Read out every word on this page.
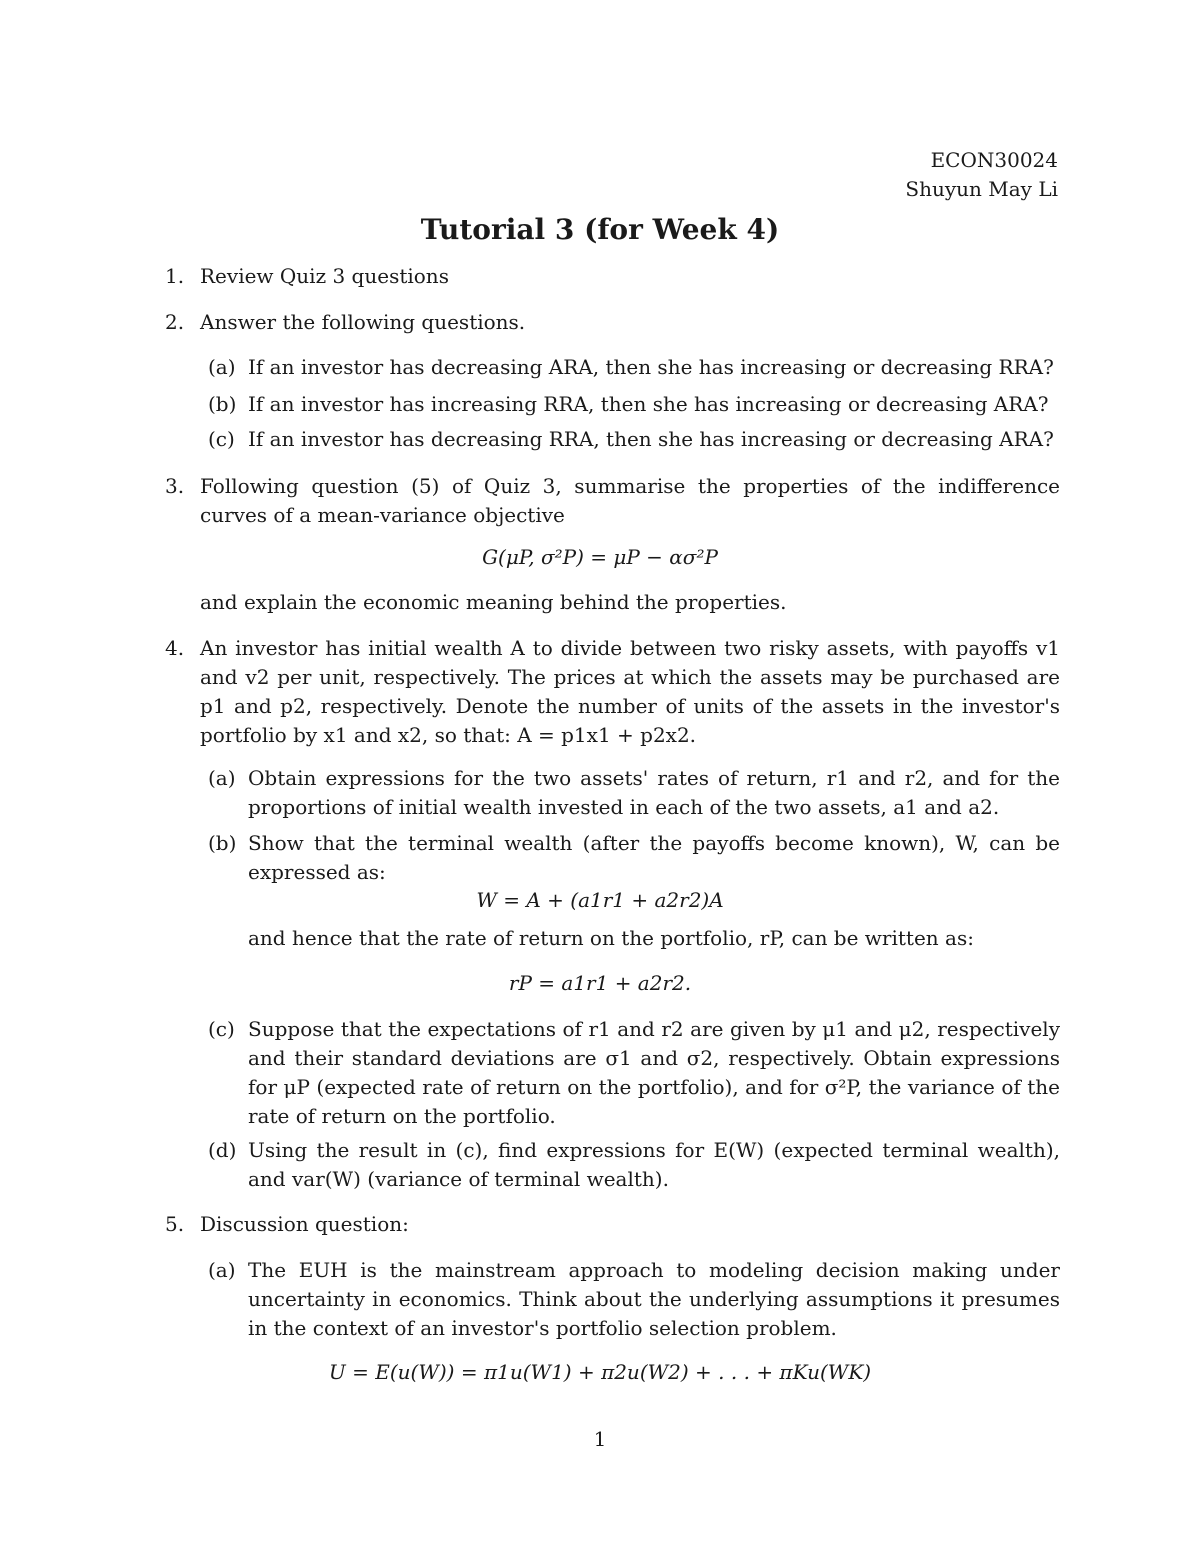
ECON30024
Shuyun May Li
Tutorial 3 (for Week 4)
1. Review Quiz 3 questions
2. Answer the following questions.
(a) If an investor has decreasing ARA, then she has increasing or decreasing RRA?
(b) If an investor has increasing RRA, then she has increasing or decreasing ARA?
(c) If an investor has decreasing RRA, then she has increasing or decreasing ARA?
3. Following question (5) of Quiz 3, summarise the properties of the indifference curves of a mean-variance objective
G(μP, σ²P) = μP − ασ²P
and explain the economic meaning behind the properties.
4. An investor has initial wealth A to divide between two risky assets, with payoffs v1 and v2 per unit, respectively. The prices at which the assets may be purchased are p1 and p2, respectively. Denote the number of units of the assets in the investor's portfolio by x1 and x2, so that: A = p1x1 + p2x2.
(a) Obtain expressions for the two assets' rates of return, r1 and r2, and for the proportions of initial wealth invested in each of the two assets, a1 and a2.
(b) Show that the terminal wealth (after the payoffs become known), W, can be expressed as:
W = A + (a1r1 + a2r2)A
and hence that the rate of return on the portfolio, rP, can be written as:
rP = a1r1 + a2r2.
(c) Suppose that the expectations of r1 and r2 are given by μ1 and μ2, respectively and their standard deviations are σ1 and σ2, respectively. Obtain expressions for μP (expected rate of return on the portfolio), and for σ²P, the variance of the rate of return on the portfolio.
(d) Using the result in (c), find expressions for E(W) (expected terminal wealth), and var(W) (variance of terminal wealth).
5. Discussion question:
(a) The EUH is the mainstream approach to modeling decision making under uncertainty in economics. Think about the underlying assumptions it presumes in the context of an investor's portfolio selection problem.
U = E(u(W)) = π1u(W1) + π2u(W2) + . . . + πKu(WK)
1
